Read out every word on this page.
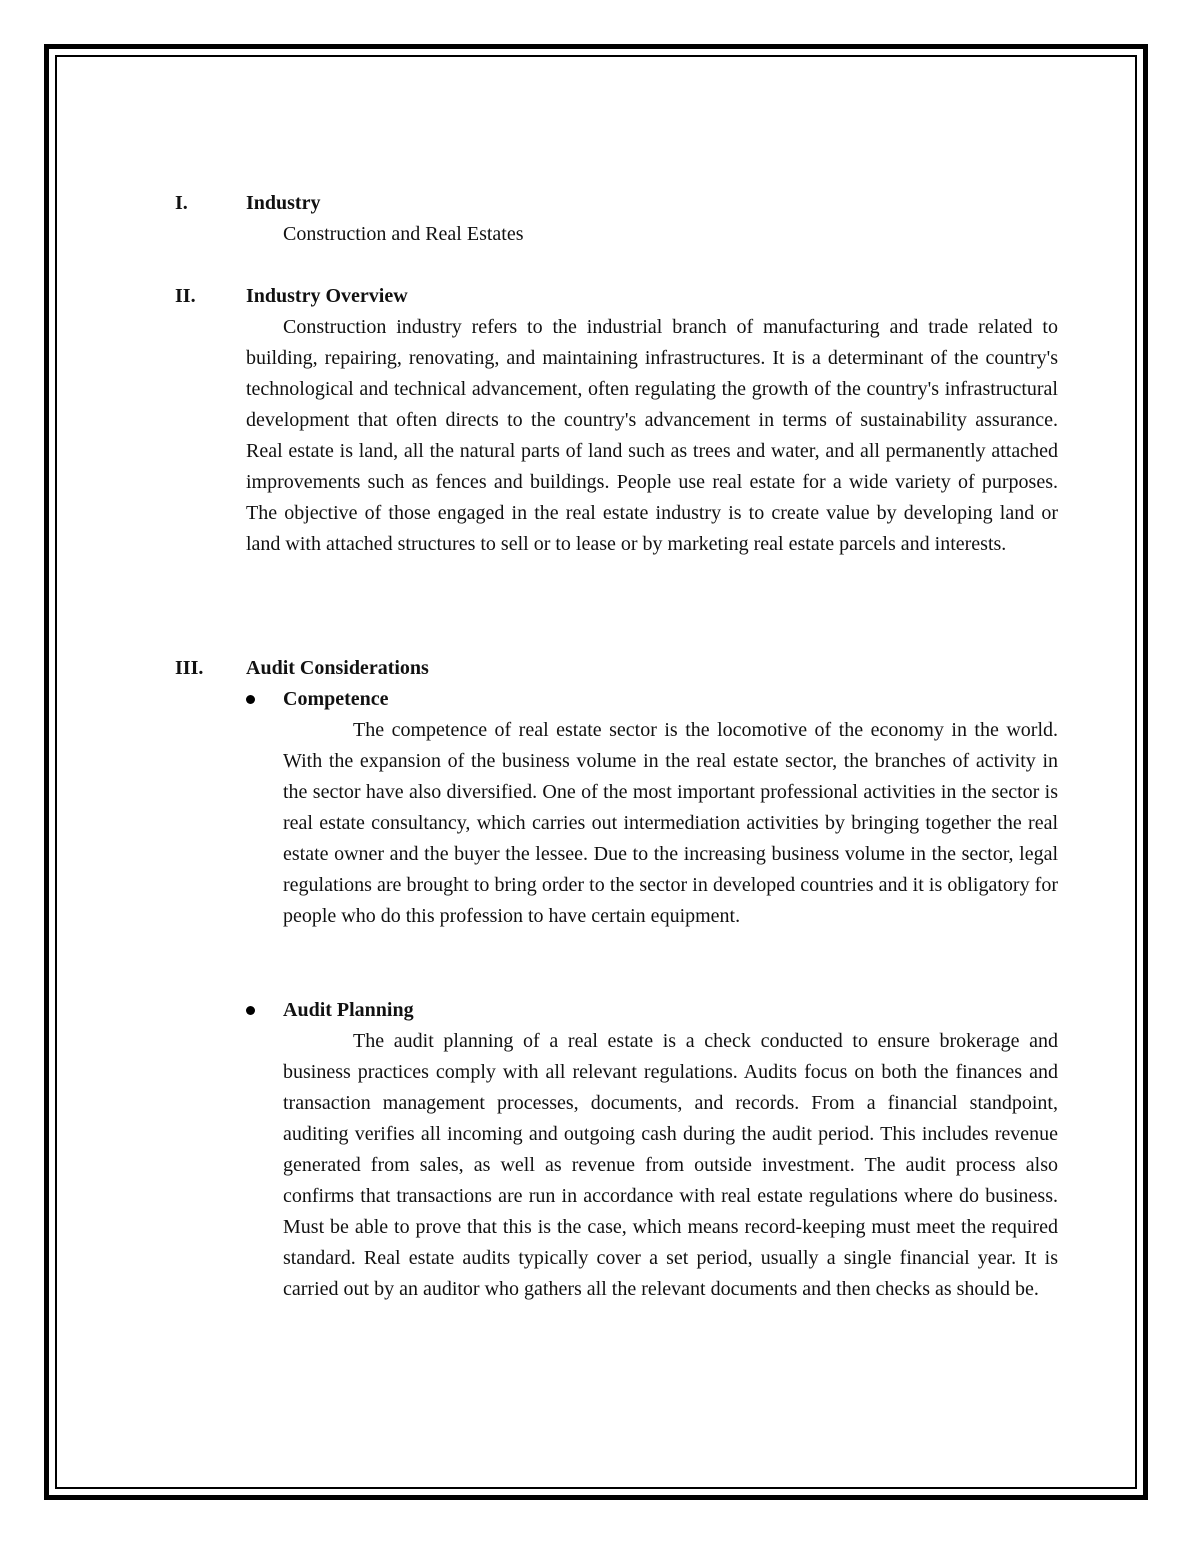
I.	Industry
Construction and Real Estates
II.	Industry Overview

Construction industry refers to the industrial branch of manufacturing and trade related to building, repairing, renovating, and maintaining infrastructures. It is a determinant of the country's technological and technical advancement, often regulating the growth of the country's infrastructural development that often directs to the country's advancement in terms of sustainability assurance. Real estate is land, all the natural parts of land such as trees and water, and all permanently attached improvements such as fences and buildings. People use real estate for a wide variety of purposes. The objective of those engaged in the real estate industry is to create value by developing land or land with attached structures to sell or to lease or by marketing real estate parcels and interests.

III. Audit Considerations
Competence

The competence of real estate sector is the locomotive of the economy in the world. With the expansion of the business volume in the real estate sector, the branches of activity in the sector have also diversified. One of the most important professional activities in the sector is real estate consultancy, which carries out intermediation activities by bringing together the real estate owner and the buyer the lessee. Due to the increasing business volume in the sector, legal regulations are brought to bring order to the sector in developed countries and it is obligatory for people who do this profession to have certain equipment.

Audit Planning

The audit planning of a real estate is a check conducted to ensure brokerage and business practices comply with all relevant regulations. Audits focus on both the finances and transaction management processes, documents, and records. From a financial standpoint, auditing verifies all incoming and outgoing cash during the audit period. This includes revenue generated from sales, as well as revenue from outside investment. The audit process also confirms that transactions are run in accordance with real estate regulations where do business. Must be able to prove that this is the case, which means record-keeping must meet the required standard. Real estate audits typically cover a set period, usually a single financial year. It is carried out by an auditor who gathers all the relevant documents and then checks as should be.
